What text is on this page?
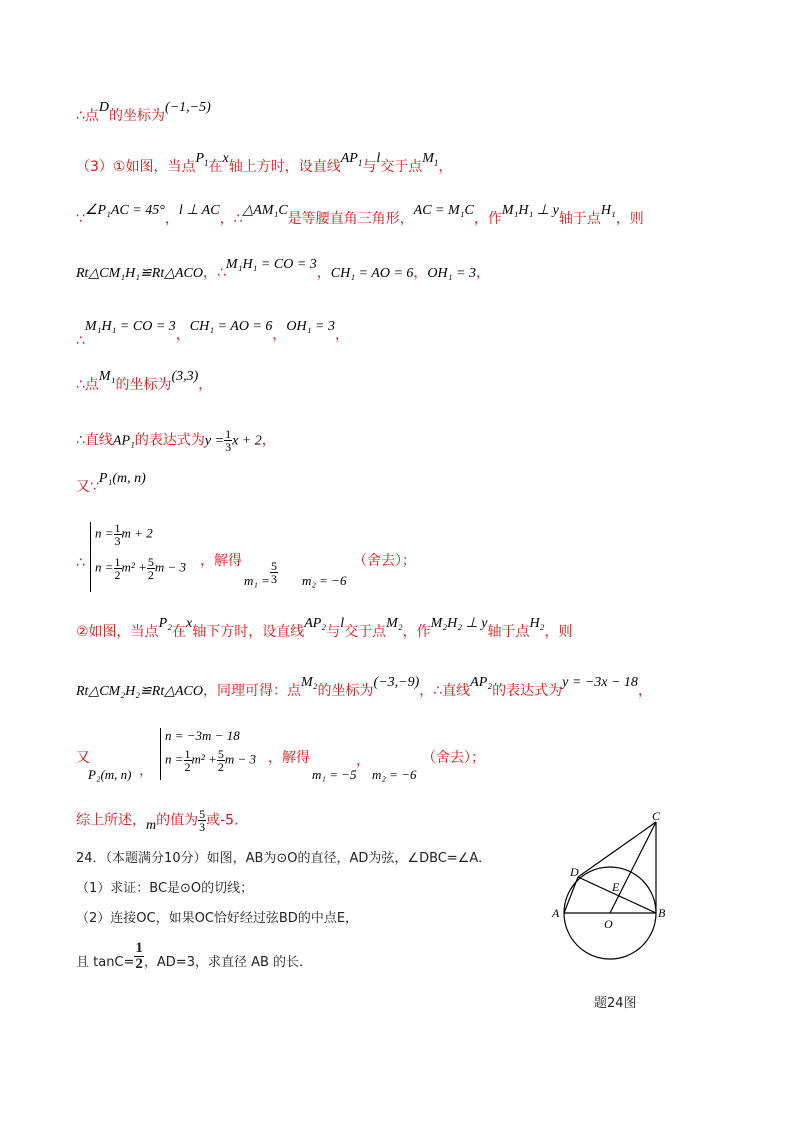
∴点D的坐标为(−1,−5)
（3）①如图，当点$P_1$在x轴上方时，设直线$AP_1$与l交于点$M_1$，
∵∠P₁AC = 45°，l ⊥ AC，∴△AM₁C是等腰直角三角形，AC = M₁C，作M₁H₁ ⊥ y轴于点H₁，则
Rt△CM₁H₁≌Rt△ACO，∴M₁H₁ = CO = 3，CH₁ = AO = 6，OH₁ = 3，
∴M₁H₁ = CO = 3，CH₁ = AO = 6，OH₁ = 3，
∴点M₁的坐标为(3,3)，
∴直线AP₁的表达式为$y = \frac{1}{3}$ x + 2，
又∵P₁(m, n)
∴
$n = \frac{1}{3}$ m + 2
$n = \frac{1}{2} m^2 + \frac{5}{2}$ m − 3 ，解得
$m_1 = \frac{5}{3} m_2 = -6$
（舍去）；
②如图，当点P₂在x轴下方时，设直线AP₂与l交于点M₂，作M₂H₂ ⊥ y轴于点H₂，则
Rt△CM₂H₂≌Rt△ACO，同理可得：点M₂的坐标为(−3,−9)，∴直线AP₂的表达式为y = −3x − 18，
又
P₂(m, n) ，
n = −3m − 18
$n = \frac{1}{2} m^2 + \frac{5}{2}$ m − 3 ，解得
m₁ = −5
，
m₂ = −6
（舍去）；
综上所述，m的值为 $\frac{5}{3}$ 或-5.
24．（本题满分10分）如图，AB为⊙O的直径，AD为弦，∠DBC=∠A．
（1）求证：BC是⊙O的切线；
（2）连接OC，如果OC恰好经过弦BD的中点E，
且 $\tan C= \frac{1}{2}$ ，AD=3，求直径 AB 的长．
C
D
E
A
O
B
题24图
